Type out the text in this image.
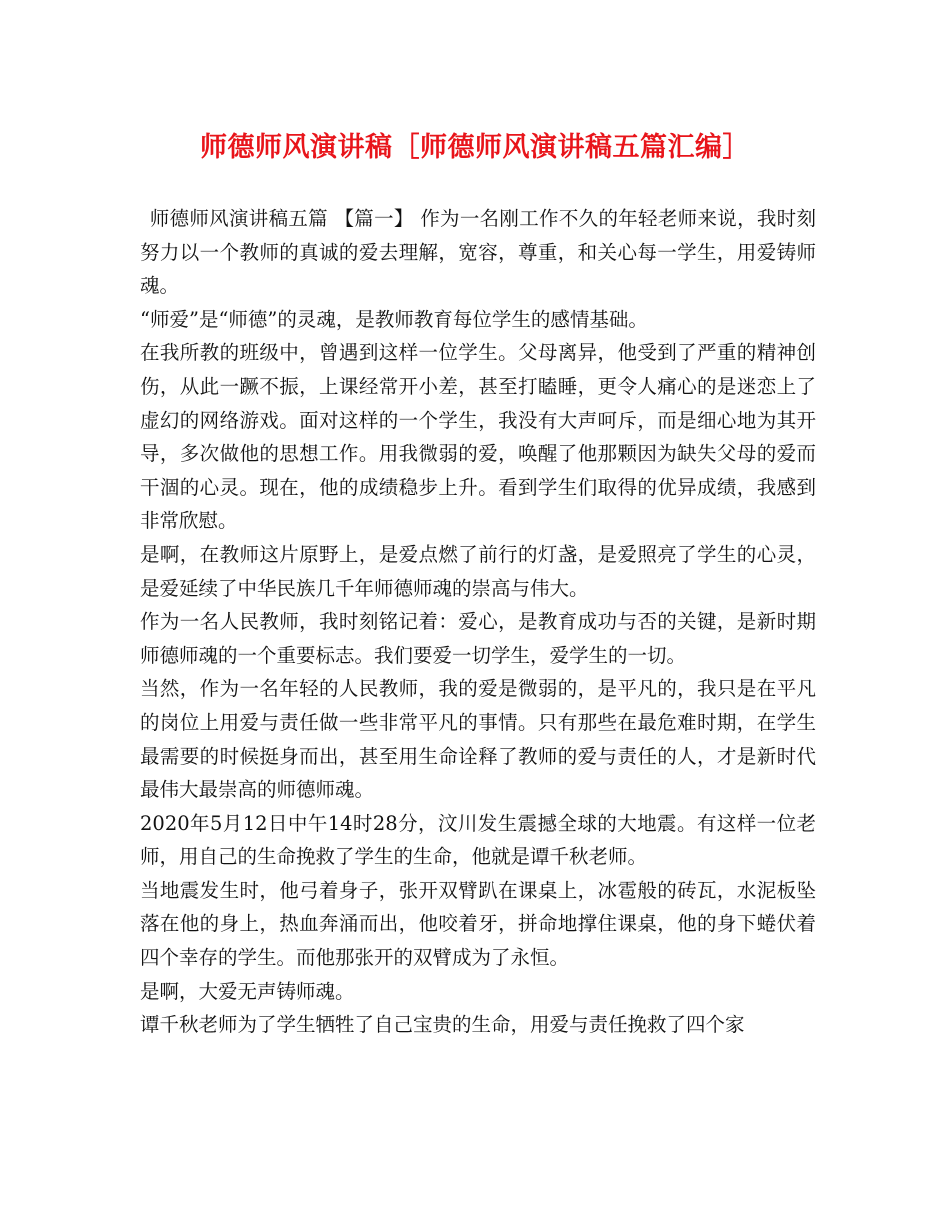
师德师风演讲稿［师德师风演讲稿五篇汇编］

师德师风演讲稿五篇 【篇一】 作为一名刚工作不久的年轻老师来说，我时刻努力以一个教师的真诚的爱去理解，宽容，尊重，和关心每一学生，用爱铸师魂。

“师爱”是“师德”的灵魂，是教师教育每位学生的感情基础。

在我所教的班级中，曾遇到这样一位学生。父母离异，他受到了严重的精神创伤，从此一蹶不振，上课经常开小差，甚至打瞌睡，更令人痛心的是迷恋上了虚幻的网络游戏。面对这样的一个学生，我没有大声呵斥，而是细心地为其开导，多次做他的思想工作。用我微弱的爱，唤醒了他那颗因为缺失父母的爱而干涸的心灵。现在，他的成绩稳步上升。看到学生们取得的优异成绩，我感到非常欣慰。

是啊，在教师这片原野上，是爱点燃了前行的灯盏，是爱照亮了学生的心灵，是爱延续了中华民族几千年师德师魂的崇高与伟大。

作为一名人民教师，我时刻铭记着：爱心，是教育成功与否的关键，是新时期师德师魂的一个重要标志。我们要爱一切学生，爱学生的一切。

当然，作为一名年轻的人民教师，我的爱是微弱的，是平凡的，我只是在平凡的岗位上用爱与责任做一些非常平凡的事情。只有那些在最危难时期，在学生最需要的时候挺身而出，甚至用生命诠释了教师的爱与责任的人，才是新时代最伟大最崇高的师德师魂。

2020年5月12日中午14时28分，汶川发生震撼全球的大地震。有这样一位老师，用自己的生命挽救了学生的生命，他就是谭千秋老师。

当地震发生时，他弓着身子，张开双臂趴在课桌上，冰雹般的砖瓦，水泥板坠落在他的身上，热血奔涌而出，他咬着牙，拼命地撑住课桌，他的身下蜷伏着四个幸存的学生。而他那张开的双臂成为了永恒。

是啊，大爱无声铸师魂。

谭千秋老师为了学生牺牲了自己宝贵的生命，用爱与责任挽救了四个家
